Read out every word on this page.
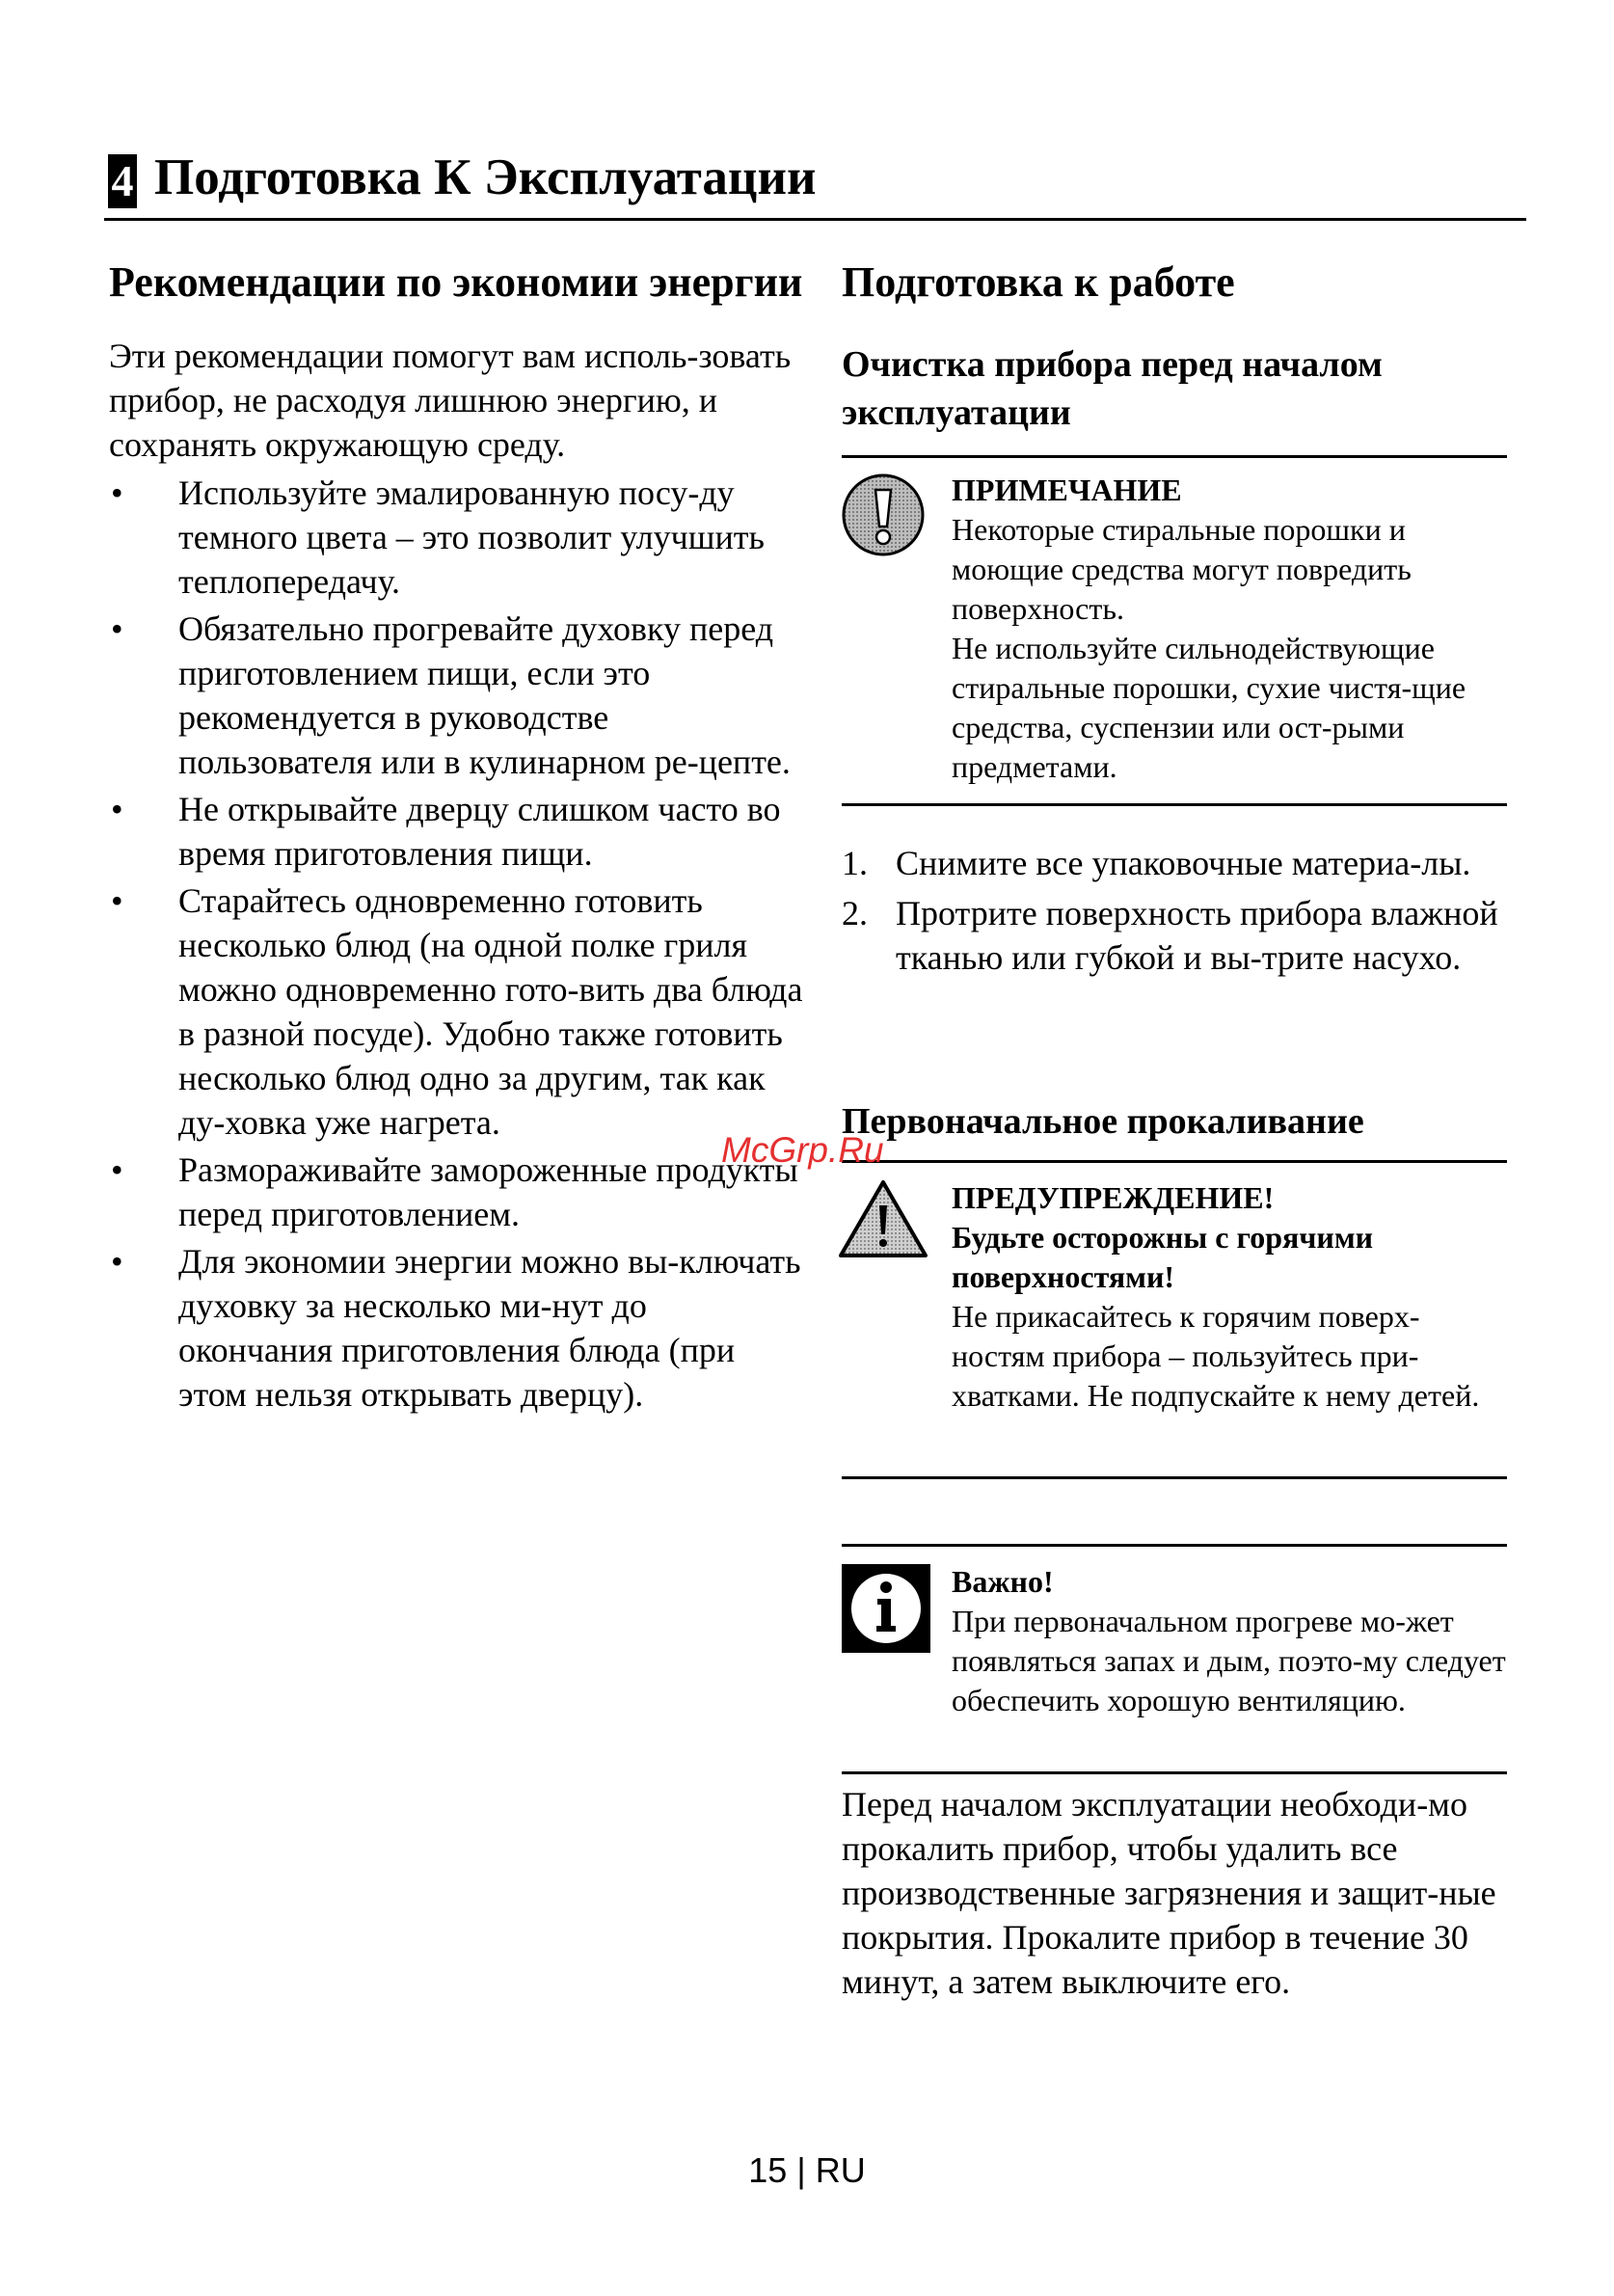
4 Подготовка К Эксплуатации
Рекомендации по экономии энергии

Эти рекомендации помогут вам исполь-зовать прибор, не расходуя лишнюю энергию, и сохранять окружающую среду.

• Используйте эмалированную посу-ду темного цвета – это позволит улучшить теплопередачу.
• Обязательно прогревайте духовку перед приготовлением пищи, если это рекомендуется в руководстве пользователя или в кулинарном ре-цепте.
• Не открывайте дверцу слишком часто во время приготовления пищи.
• Старайтесь одновременно готовить несколько блюд (на одной полке гриля можно одновременно гото-вить два блюда в разной посуде). Удобно также готовить несколько блюд одно за другим, так как ду-ховка уже нагрета.
• Размораживайте замороженные продукты перед приготовлением.
• Для экономии энергии можно вы-ключать духовку за несколько ми-нут до окончания приготовления блюда (при этом нельзя открывать дверцу).
Подготовка к работе
Очистка прибора перед началом эксплуатации
ПРИМЕЧАНИЕ
Некоторые стиральные порошки и моющие средства могут повредить поверхность.
Не используйте сильнодействующие стиральные порошки, сухие чистя-щие средства, суспензии или ост-рыми предметами.
1. Снимите все упаковочные материа-лы.
2. Протрите поверхность прибора влажной тканью или губкой и вы-трите насухо.
Первоначальное прокаливание
ПРЕДУПРЕЖДЕНИЕ!
Будьте осторожны с горячими поверхностями!
Не прикасайтесь к горячим поверх-ностям прибора – пользуйтесь при-хватками. Не подпускайте к нему детей.
Важно!
При первоначальном прогреве мо-жет появляться запах и дым, поэто-му следует обеспечить хорошую вентиляцию.

Перед началом эксплуатации необходи-мо прокалить прибор, чтобы удалить все производственные загрязнения и защит-ные покрытия. Прокалите прибор в течение 30 минут, а затем выключите его.

McGrp.Ru
15 | RU
